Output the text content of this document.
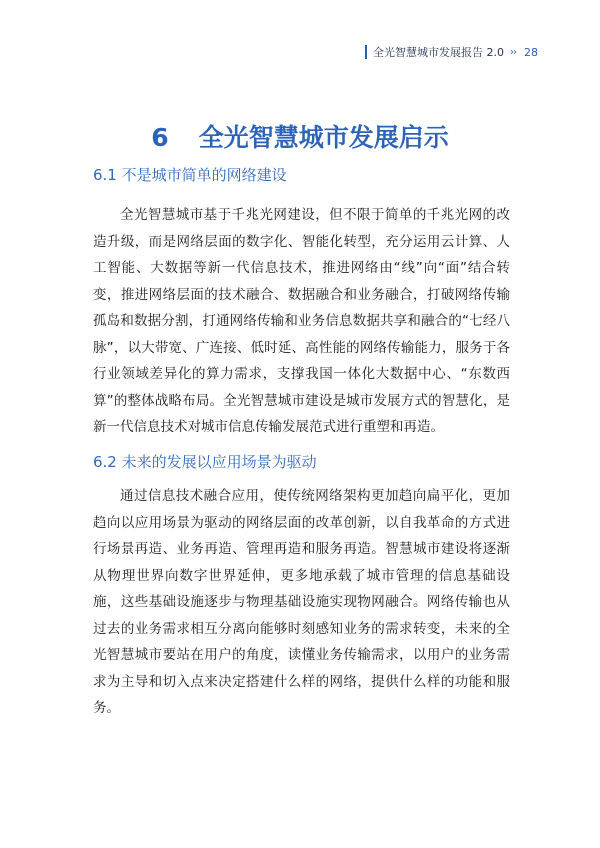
全光智慧城市发展报告 2.0 ›› 28
6 全光智慧城市发展启示
6.1 不是城市简单的网络建设
全光智慧城市基于千兆光网建设，但不限于简单的千兆光网的改造升级，而是网络层面的数字化、智能化转型，充分运用云计算、人工智能、大数据等新一代信息技术，推进网络由“线”向“面”结合转变，推进网络层面的技术融合、数据融合和业务融合，打破网络传输孤岛和数据分割，打通网络传输和业务信息数据共享和融合的“七经八脉”，以大带宽、广连接、低时延、高性能的网络传输能力，服务于各行业领域差异化的算力需求，支撑我国一体化大数据中心、“东数西算”的整体战略布局。全光智慧城市建设是城市发展方式的智慧化，是新一代信息技术对城市信息传输发展范式进行重塑和再造。
6.2 未来的发展以应用场景为驱动
通过信息技术融合应用，使传统网络架构更加趋向扁平化，更加趋向以应用场景为驱动的网络层面的改革创新，以自我革命的方式进行场景再造、业务再造、管理再造和服务再造。智慧城市建设将逐渐从物理世界向数字世界延伸，更多地承载了城市管理的信息基础设施，这些基础设施逐步与物理基础设施实现物网融合。网络传输也从过去的业务需求相互分离向能够时刻感知业务的需求转变，未来的全光智慧城市要站在用户的角度，读懂业务传输需求，以用户的业务需求为主导和切入点来决定搭建什么样的网络，提供什么样的功能和服务。
